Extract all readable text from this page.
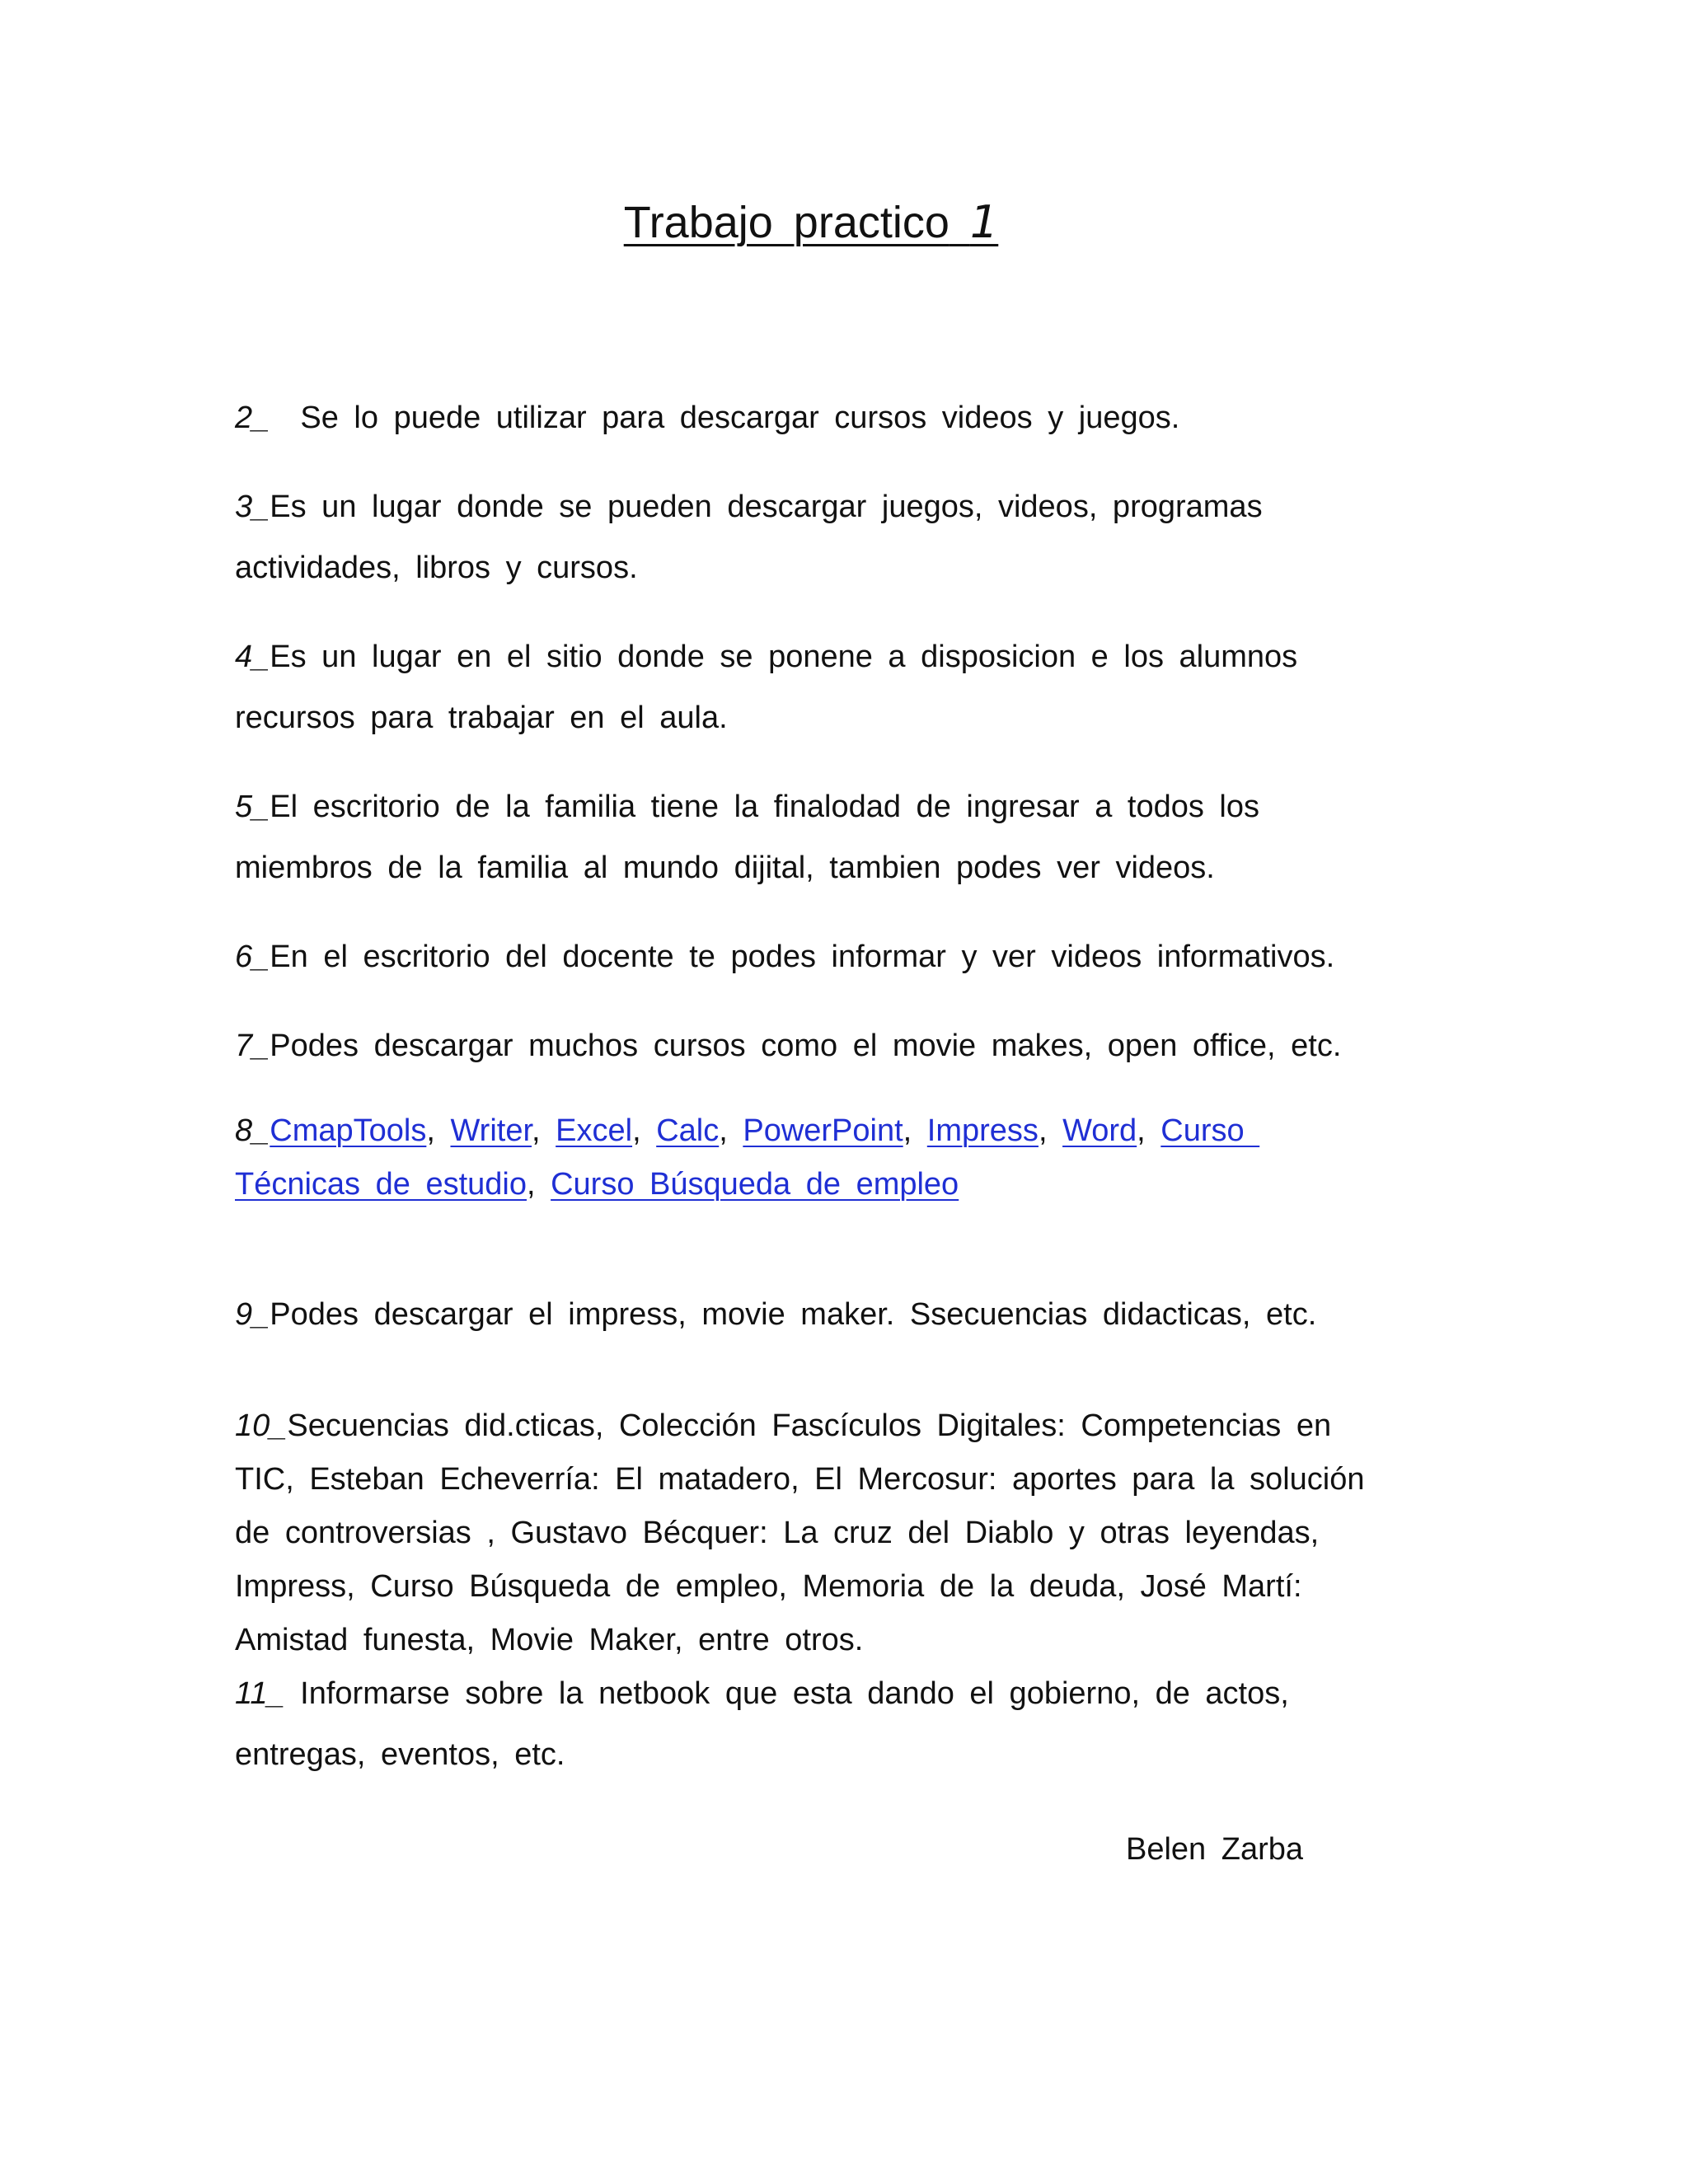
Trabajo practico 1
2_  Se lo puede utilizar para descargar cursos videos y juegos.
3_Es un lugar donde se pueden descargar juegos, videos, programas
actividades, libros y cursos.
4_Es un lugar en el sitio donde se ponene a disposicion e los alumnos
recursos para trabajar en el aula.
5_El escritorio de la familia tiene la finalodad de ingresar a todos los
miembros de la familia al mundo dijital, tambien podes ver videos.
6_En el escritorio del docente te podes informar y ver videos informativos.
7_Podes descargar muchos cursos como el movie makes, open office, etc.
8_CmapTools, Writer, Excel, Calc, PowerPoint, Impress, Word, Curso
Técnicas de estudio, Curso Búsqueda de empleo
9_Podes descargar el impress, movie maker. Ssecuencias didacticas, etc.
10_Secuencias did.cticas, Colección Fascículos Digitales: Competencias en
TIC, Esteban Echeverría: El matadero, El Mercosur: aportes para la solución
de controversias , Gustavo Bécquer: La cruz del Diablo y otras leyendas,
Impress, Curso Búsqueda de empleo, Memoria de la deuda, José Martí:
Amistad funesta, Movie Maker, entre otros.
11_ Informarse sobre la netbook que esta dando el gobierno, de actos,
entregas, eventos, etc.
Belen Zarba
